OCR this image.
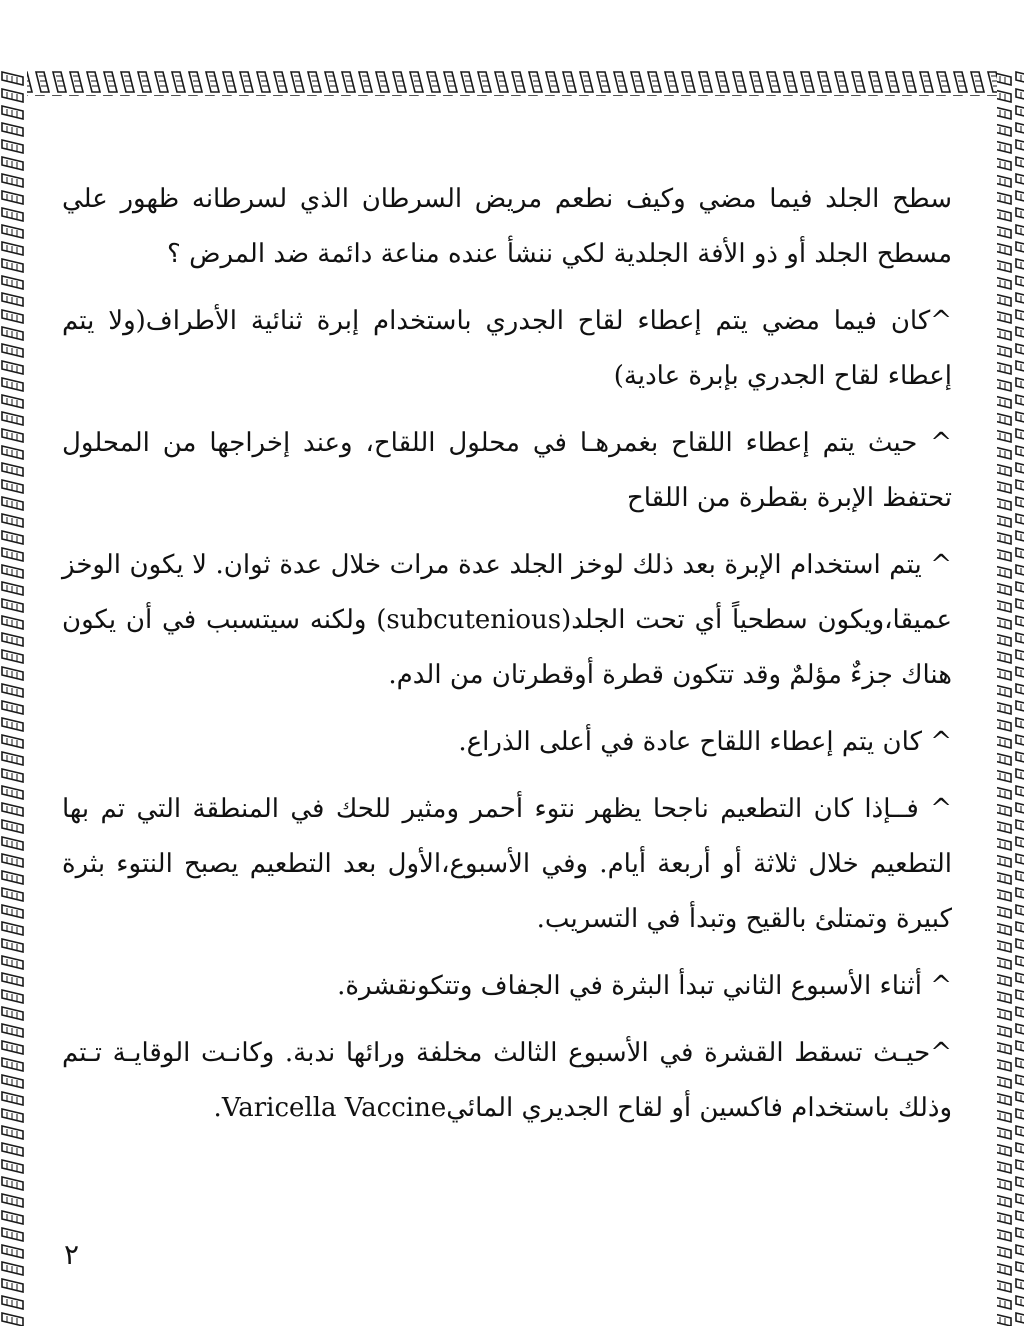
سطح الجلد فيما مضي وكيف نطعم مريض السرطان الذي لسرطانه ظهور علي مسطح الجلد أو ذو الأفة الجلدية لكي ننشأ عنده مناعة دائمة ضد المرض ؟

^كان فيما مضي يتم إعطاء لقاح الجدري باستخدام إبرة ثنائية الأطراف(ولا يتم إعطاء لقاح الجدري بإبرة عادية)

^ حيث يتم إعطاء اللقاح بغمرهـا في محلول اللقاح، وعند إخراجها من المحلول تحتفظ الإبرة بقطرة من اللقاح

^ يتم استخدام الإبرة بعد ذلك لوخز الجلد عدة مرات خلال عدة ثوان. لا يكون الوخز عميقا،ويكون سطحياً أي تحت الجلد(subcutenious) ولكنه سيتسبب في أن يكون هناك جزءٌ مؤلمٌ وقد تتكون قطرة أوقطرتان من الدم.

^ كان يتم إعطاء اللقاح عادة في أعلى الذراع.

^ فــإذا كان التطعيم ناجحا يظهر نتوء أحمر ومثير للحك في المنطقة التي تم بها التطعيم خلال ثلاثة أو أربعة أيام. وفي الأسبوع،الأول بعد التطعيم يصبح النتوء بثرة كبيرة وتمتلئ بالقيح وتبدأ في التسريب.

^ أثناء الأسبوع الثاني تبدأ البثرة في الجفاف وتتكونقشرة.

^حيـث تسقط القشرة في الأسبوع الثالث مخلفة ورائها ندبة. وكانـت الوقايـة تـتم وذلك باستخدام فاكسين أو لقاح الجديري المائيVaricella Vaccine.

٢
